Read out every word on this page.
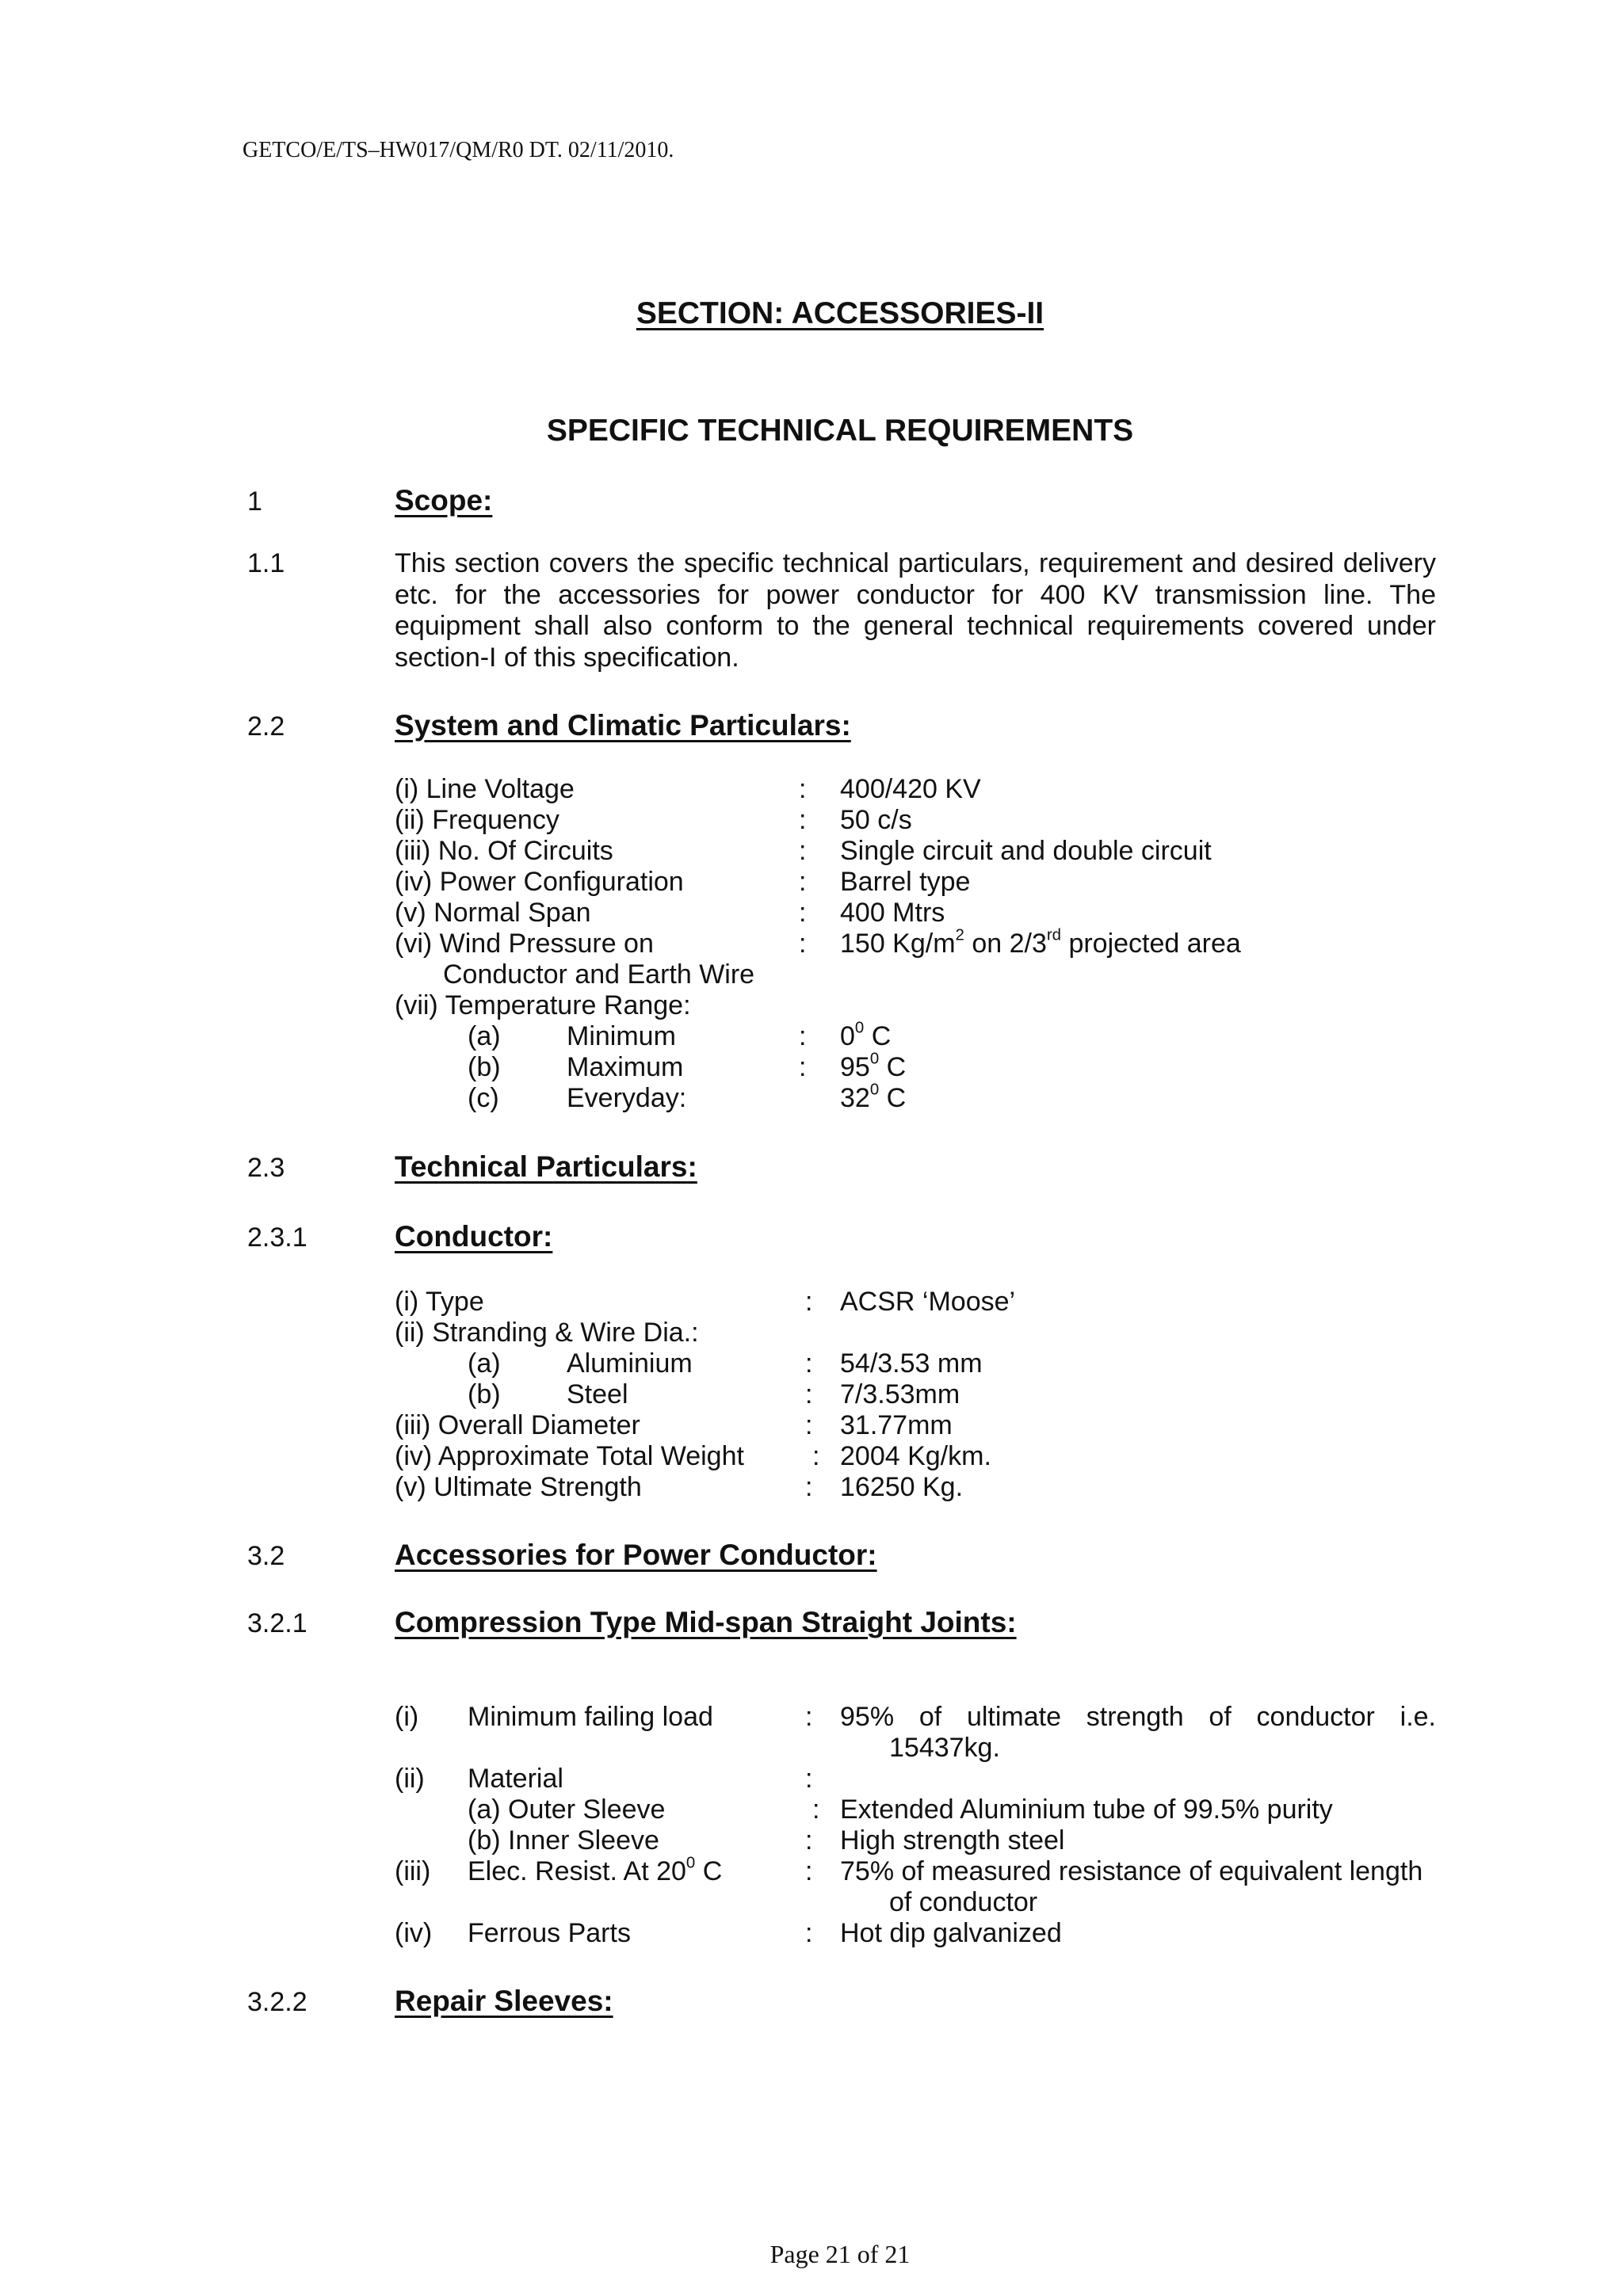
GETCO/E/TS–HW017/QM/R0 DT. 02/11/2010.
SECTION: ACCESSORIES-II
SPECIFIC TECHNICAL REQUIREMENTS
1	Scope:
1.1	This section covers the specific technical particulars, requirement and desired delivery etc. for the accessories for power conductor for 400 KV transmission line. The equipment shall also conform to the general technical requirements covered under section-I of this specification.
2.2	System and Climatic Particulars:
(i) Line Voltage	: 400/420 KV
(ii) Frequency	: 50 c/s
(iii) No. Of Circuits	: Single circuit and double circuit
(iv) Power Configuration	: Barrel type
(v) Normal Span	: 400 Mtrs
(vi) Wind Pressure on
Conductor and Earth Wire
: 150 $Kg/m^2$ on 2/3rd projected area
(vii) Temperature Range:
(a) Minimum	: $0^0$ C
(b) Maximum	: $95^0$ C
(c)	Everyday:	$32^0$ C
2.3	Technical Particulars:
2.3.1	Conductor:
(i) Type	: ACSR ‘Moose’
(ii) Stranding & Wire Dia.:
(a) Aluminium	: 54/3.53 mm
(b) Steel	: 7/3.53mm
(iii) Overall Diameter	: 31.77mm
(iv) Approximate Total Weight	: 2004 Kg/km.
(v) Ultimate Strength	: 16250 Kg.
3.2	Accessories for Power Conductor:
3.2.1	Compression Type Mid-span Straight Joints:
(i) Minimum failing load	: 95% of ultimate strength of conductor i.e.
15437kg.
(ii) Material	:
(a) Outer Sleeve	: Extended Aluminium tube of 99.5% purity
(b) Inner Sleeve	: High strength steel
(iii) Elec. Resist. At $20^0$ C	: 75% of measured resistance of equivalent length
of conductor
(iv) Ferrous Parts	: Hot dip galvanized
3.2.2	Repair Sleeves:
Page 21 of 21
